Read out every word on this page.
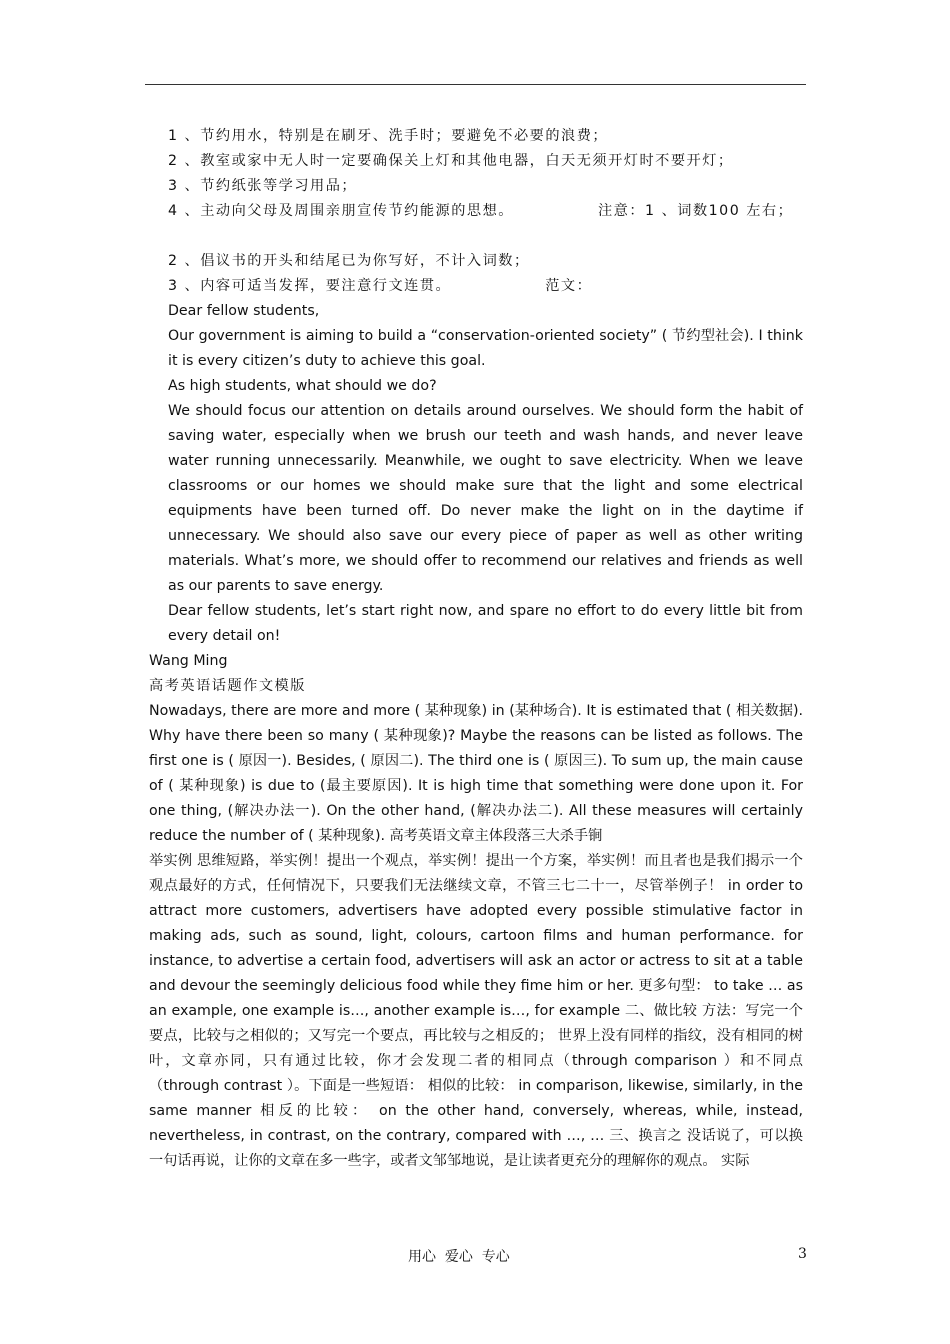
1 、节约用水，特别是在刷牙、洗手时；要避免不必要的浪费；

2 、教室或家中无人时一定要确保关上灯和其他电器，白天无须开灯时不要开灯；

3 、节约纸张等学习用品；

4 、主动向父母及周围亲朋宣传节约能源的思想。	注意：1 、词数100 左右；

2 、倡议书的开头和结尾已为你写好，不计入词数；

3 、内容可适当发挥，要注意行文连贯。	范文：

Dear fellow students,

Our government is aiming to build a “conservation-oriented society” ( 节约型社会). I think it is every citizen’s duty to achieve this goal.

As high students, what should we do?

We should focus our attention on details around ourselves. We should form the habit of saving water, especially when we brush our teeth and wash hands, and never leave water running unnecessarily. Meanwhile, we ought to save electricity. When we leave classrooms or our homes we should make sure that the light and some electrical equipments have been turned off. Do never make the light on in the daytime if unnecessary. We should also save our every piece of paper as well as other writing materials. What’s more, we should offer to recommend our relatives and friends as well as our parents to save energy.

Dear fellow students, let’s start right now, and spare no effort to do every little bit from every detail on!

Wang Ming

高考英语话题作文模版

Nowadays, there are more and more ( 某种现象) in (某种场合). It is estimated that ( 相关数据). Why have there been so many ( 某种现象)? Maybe the reasons can be listed as follows. The first one is ( 原因一). Besides, ( 原因二). The third one is ( 原因三). To sum up, the main cause of ( 某种现象) is due to (最主要原因). It is high time that something were done upon it. For one thing, (解决办法一). On the other hand, (解决办法二). All these measures will certainly reduce the number of ( 某种现象). 高考英语文章主体段落三大杀手锏

举实例 思维短路，举实例！提出一个观点，举实例！提出一个方案，举实例！而且者也是我们揭示一个观点最好的方式，任何情况下，只要我们无法继续文章，不管三七二十一，尽管举例子！ in order to attract more customers, advertisers have adopted every possible stimulative factor in making ads, such as sound, light, colours, cartoon films and human performance. for instance, to advertise a certain food, advertisers will ask an actor or actress to sit at a table and devour the seemingly delicious food while they fime him or her. 更多句型： to take … as an example, one example is…, another example is…, for example 二、做比较 方法：写完一个要点，比较与之相似的；又写完一个要点，再比较与之相反的； 世界上没有同样的指纹，没有相同的树叶，文章亦同，只有通过比较，你才会发现二者的相同点（through comparison ）和不同点（through contrast ）。下面是一些短语： 相似的比较： in comparison, likewise, similarly, in the same manner 相反的比较： on the other hand, conversely, whereas, while, instead, nevertheless, in contrast, on the contrary, compared with …, … 三、换言之 没话说了，可以换一句话再说，让你的文章在多一些字，或者文邹邹地说，是让读者更充分的理解你的观点。 实际

用心  爱心  专心	3
